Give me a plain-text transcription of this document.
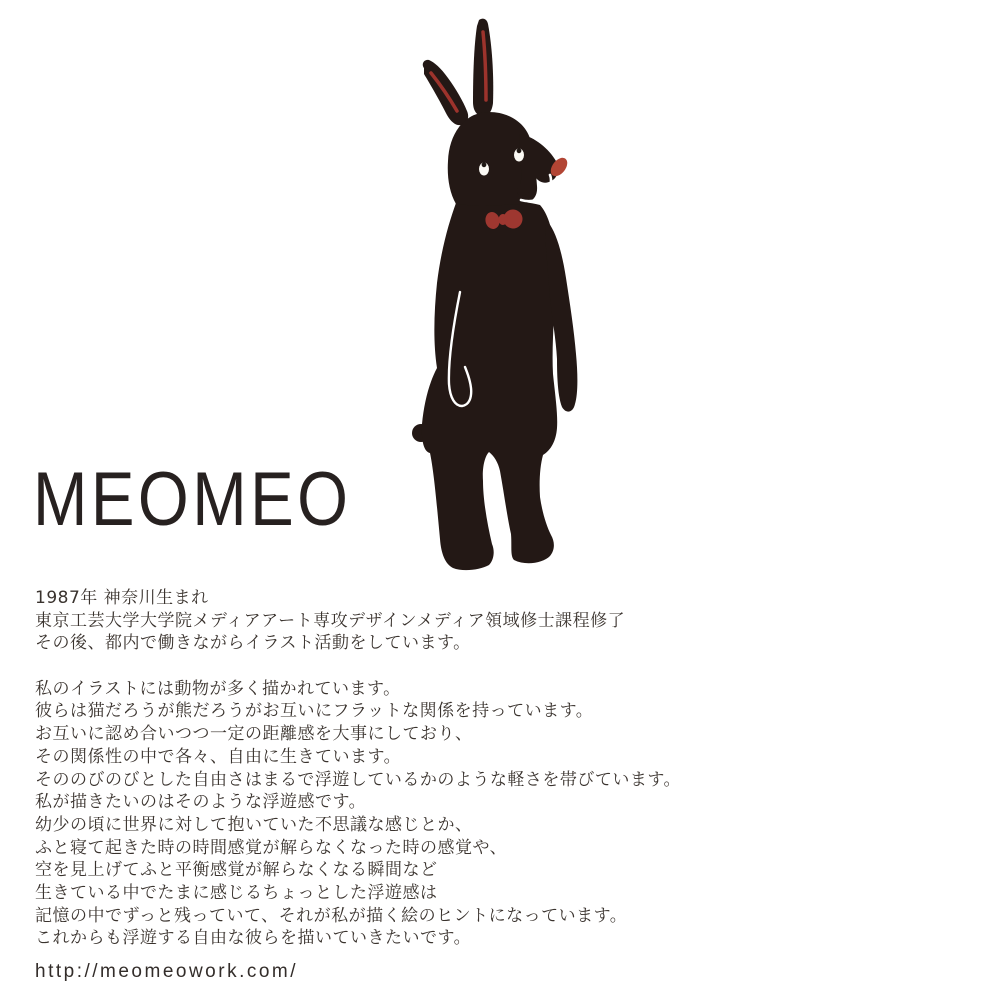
MEOMEO
1987年 神奈川生まれ
東京工芸大学大学院メディアアート専攻デザインメディア領域修士課程修了
その後、都内で働きながらイラスト活動をしています。

私のイラストには動物が多く描かれています。
彼らは猫だろうが熊だろうがお互いにフラットな関係を持っています。
お互いに認め合いつつ一定の距離感を大事にしており、
その関係性の中で各々、自由に生きています。
そののびのびとした自由さはまるで浮遊しているかのような軽さを帯びています。
私が描きたいのはそのような浮遊感です。
幼少の頃に世界に対して抱いていた不思議な感じとか、
ふと寝て起きた時の時間感覚が解らなくなった時の感覚や、
空を見上げてふと平衡感覚が解らなくなる瞬間など
生きている中でたまに感じるちょっとした浮遊感は
記憶の中でずっと残っていて、それが私が描く絵のヒントになっています。
これからも浮遊する自由な彼らを描いていきたいです。
http://meomeowork.com/
